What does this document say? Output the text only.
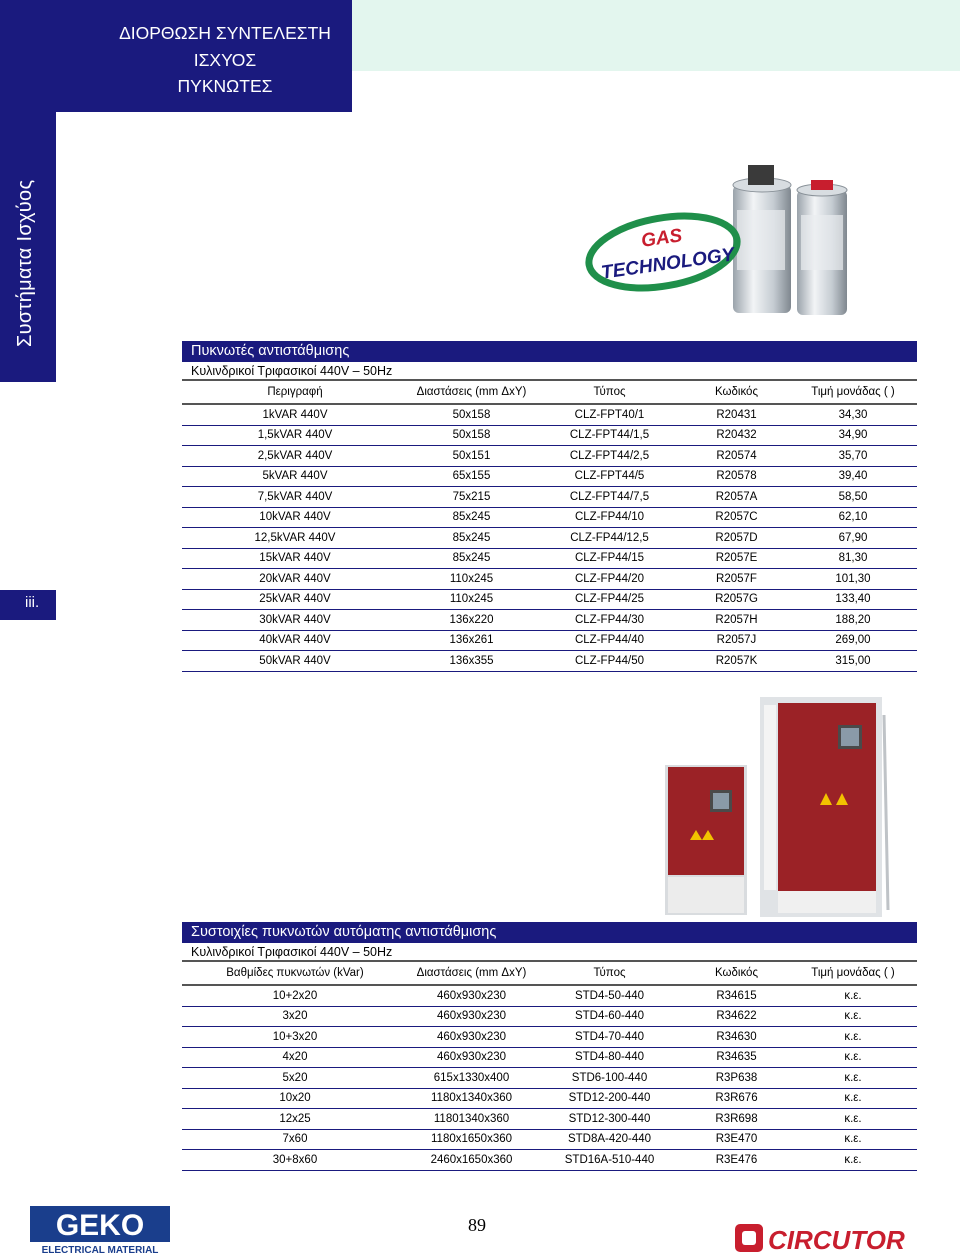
ΔΙΟΡΘΩΣΗ ΣΥΝΤΕΛΕΣΤΗ
ΙΣΧΥΟΣ
ΠΥΚΝΩΤΕΣ
Συστήματα Ισχύος
iii.
GAS
TECHNOLOGY
Πυκνωτές αντιστάθμισης
Κυλινδρικοί Τριφασικοί 440V – 50Hz
Περιγραφή	Διαστάσεις (mm ΔxY)	Τύπος	Κωδικός	Τιμή μονάδας ( )
1kVAR 440V	50x158	CLZ-FPT40/1	R20431	34,30
1,5kVAR 440V	50x158	CLZ-FPT44/1,5	R20432	34,90
2,5kVAR 440V	50x151	CLZ-FPT44/2,5	R20574	35,70
5kVAR 440V	65x155	CLZ-FPT44/5	R20578	39,40
7,5kVAR 440V	75x215	CLZ-FPT44/7,5	R2057A	58,50
10kVAR 440V	85x245	CLZ-FP44/10	R2057C	62,10
12,5kVAR 440V	85x245	CLZ-FP44/12,5	R2057D	67,90
15kVAR 440V	85x245	CLZ-FP44/15	R2057E	81,30
20kVAR 440V	110x245	CLZ-FP44/20	R2057F	101,30
25kVAR 440V	110x245	CLZ-FP44/25	R2057G	133,40
30kVAR 440V	136x220	CLZ-FP44/30	R2057H	188,20
40kVAR 440V	136x261	CLZ-FP44/40	R2057J	269,00
50kVAR 440V	136x355	CLZ-FP44/50	R2057K	315,00
Συστοιχίες πυκνωτών αυτόματης αντιστάθμισης
Κυλινδρικοί Τριφασικοί 440V – 50Hz
Βαθμίδες πυκνωτών (kVar)	Διαστάσεις (mm ΔxY)	Τύπος	Κωδικός	Τιμή μονάδας ( )
10+2x20	460x930x230	STD4-50-440	R34615	κ.ε.
3x20	460x930x230	STD4-60-440	R34622	κ.ε.
10+3x20	460x930x230	STD4-70-440	R34630	κ.ε.
4x20	460x930x230	STD4-80-440	R34635	κ.ε.
5x20	615x1330x400	STD6-100-440	R3P638	κ.ε.
10x20	1180x1340x360	STD12-200-440	R3R676	κ.ε.
12x25	11801340x360	STD12-300-440	R3R698	κ.ε.
7x60	1180x1650x360	STD8A-420-440	R3E470	κ.ε.
30+8x60	2460x1650x360	STD16A-510-440	R3E476	κ.ε.
GEKO
ELECTRICAL MATERIAL
89	CIRCUTOR
